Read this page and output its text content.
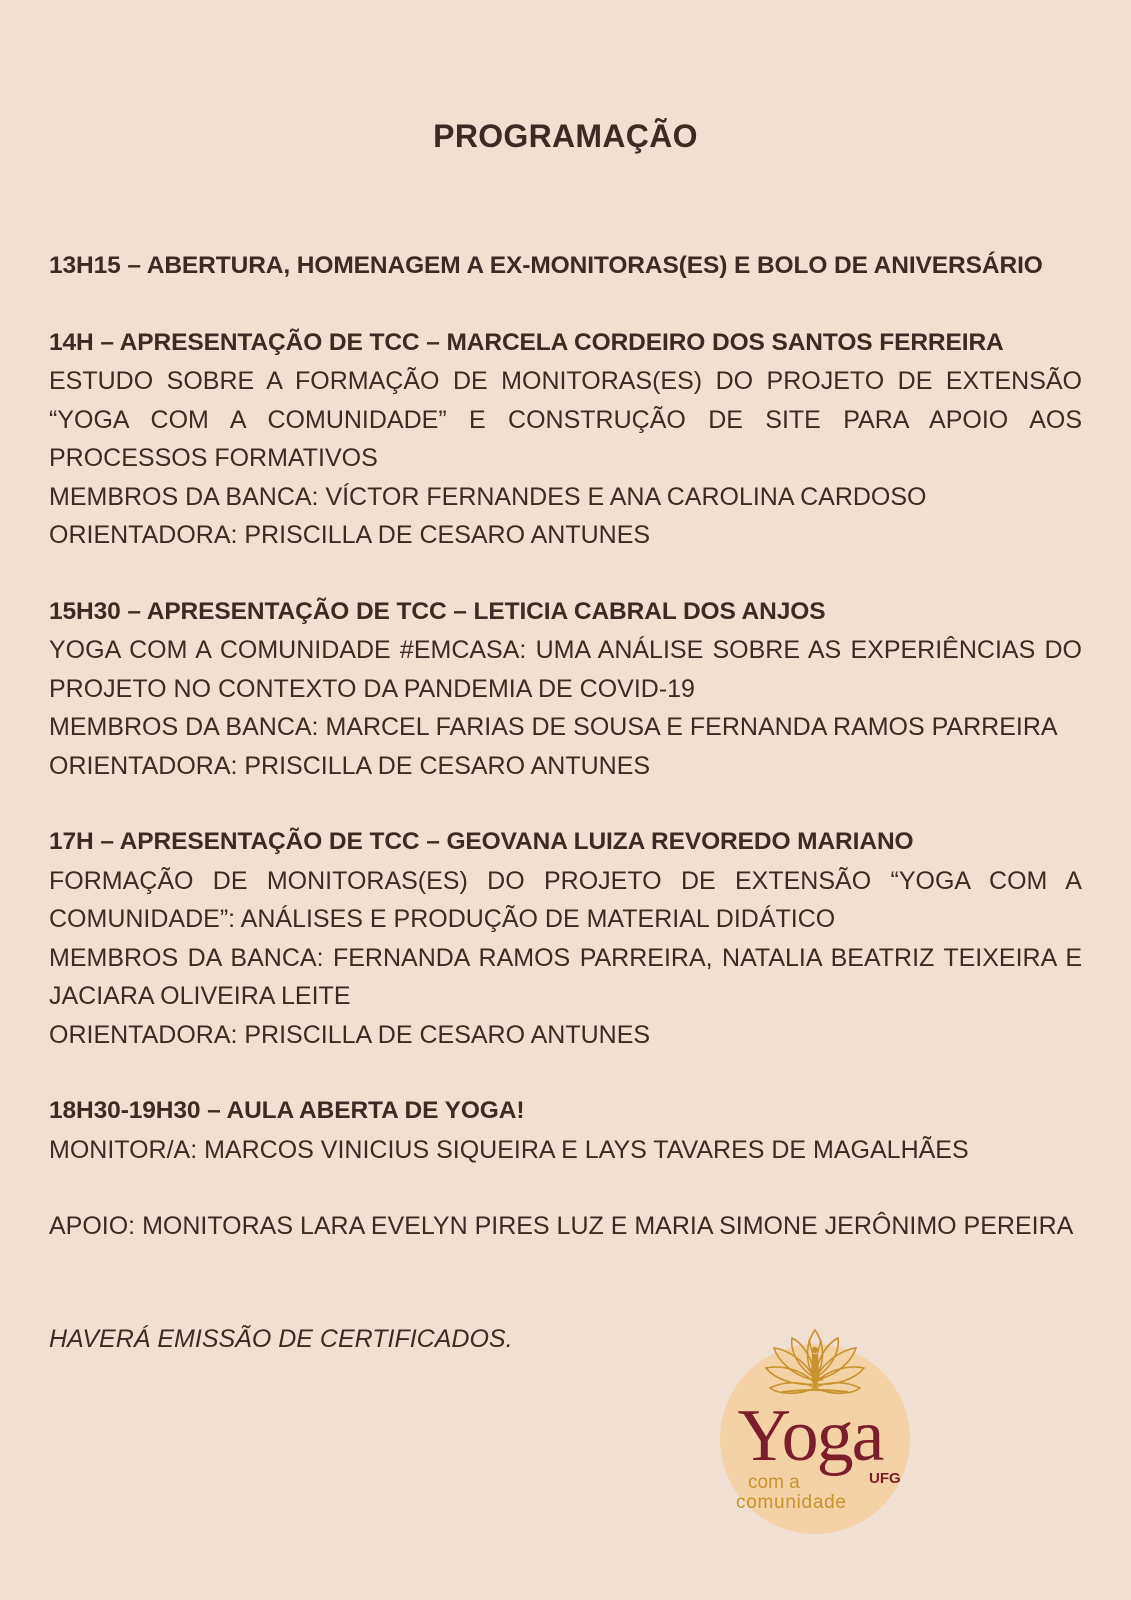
PROGRAMAÇÃO
13H15 – ABERTURA, HOMENAGEM A EX-MONITORAS(ES) E BOLO DE ANIVERSÁRIO
14H – APRESENTAÇÃO DE TCC – MARCELA CORDEIRO DOS SANTOS FERREIRA
ESTUDO SOBRE A FORMAÇÃO DE MONITORAS(ES) DO PROJETO DE EXTENSÃO “YOGA COM A COMUNIDADE” E CONSTRUÇÃO DE SITE PARA APOIO AOS PROCESSOS FORMATIVOS
MEMBROS DA BANCA: VÍCTOR FERNANDES E ANA CAROLINA CARDOSO
ORIENTADORA: PRISCILLA DE CESARO ANTUNES
15H30 – APRESENTAÇÃO DE TCC – LETICIA CABRAL DOS ANJOS
YOGA COM A COMUNIDADE #EMCASA: UMA ANÁLISE SOBRE AS EXPERIÊNCIAS DO PROJETO NO CONTEXTO DA PANDEMIA DE COVID-19
MEMBROS DA BANCA: MARCEL FARIAS DE SOUSA E FERNANDA RAMOS PARREIRA
ORIENTADORA: PRISCILLA DE CESARO ANTUNES
17H – APRESENTAÇÃO DE TCC – GEOVANA LUIZA REVOREDO MARIANO
FORMAÇÃO DE MONITORAS(ES) DO PROJETO DE EXTENSÃO “YOGA COM A COMUNIDADE”: ANÁLISES E PRODUÇÃO DE MATERIAL DIDÁTICO
MEMBROS DA BANCA: FERNANDA RAMOS PARREIRA, NATALIA BEATRIZ TEIXEIRA E JACIARA OLIVEIRA LEITE
ORIENTADORA: PRISCILLA DE CESARO ANTUNES
18H30-19H30 – AULA ABERTA DE YOGA!
MONITOR/A: MARCOS VINICIUS SIQUEIRA E LAYS TAVARES DE MAGALHÃES
APOIO: MONITORAS LARA EVELYN PIRES LUZ E MARIA SIMONE JERÔNIMO PEREIRA
HAVERÁ EMISSÃO DE CERTIFICADOS.
Yoga
com a
comunidade
UFG
